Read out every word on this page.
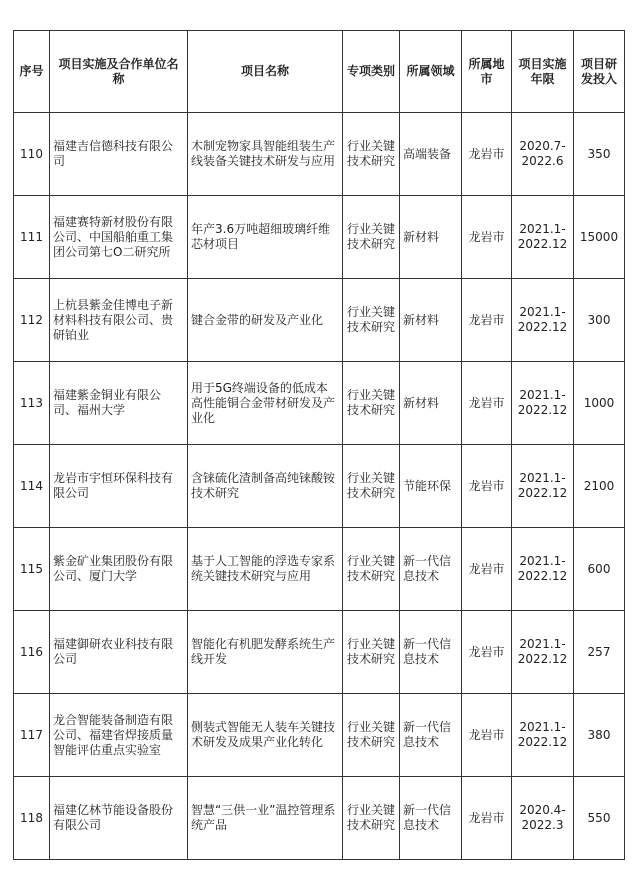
序号	项目实施及合作单位名称	项目名称	专项类别	所属领域	所属地市	项目实施年限	项目研发投入
110	福建吉信德科技有限公司	木制宠物家具智能组装生产线装备关键技术研发与应用	行业关键技术研究	高端装备	龙岩市	2020.7-2022.6	350
111	福建赛特新材股份有限公司、中国船舶重工集团公司第七O二研究所	年产3.6万吨超细玻璃纤维芯材项目	行业关键技术研究	新材料	龙岩市	2021.1-2022.12	15000
112	上杭县紫金佳博电子新材料科技有限公司、贵研铂业	键合金带的研发及产业化	行业关键技术研究	新材料	龙岩市	2021.1-2022.12	300
113	福建紫金铜业有限公司、福州大学	用于5G终端设备的低成本高性能铜合金带材研发及产业化	行业关键技术研究	新材料	龙岩市	2021.1-2022.12	1000
114	龙岩市宇恒环保科技有限公司	含铼硫化渣制备高纯铼酸铵技术研究	行业关键技术研究	节能环保	龙岩市	2021.1-2022.12	2100
115	紫金矿业集团股份有限公司、厦门大学	基于人工智能的浮选专家系统关键技术研究与应用	行业关键技术研究	新一代信息技术	龙岩市	2021.1-2022.12	600
116	福建御研农业科技有限公司	智能化有机肥发酵系统生产线开发	行业关键技术研究	新一代信息技术	龙岩市	2021.1-2022.12	257
117	龙合智能装备制造有限公司、福建省焊接质量智能评估重点实验室	侧装式智能无人装车关键技术研发及成果产业化转化	行业关键技术研究	新一代信息技术	龙岩市	2021.1-2022.12	380
118	福建亿林节能设备股份有限公司	智慧“三供一业”温控管理系统产品	行业关键技术研究	新一代信息技术	龙岩市	2020.4-2022.3	550
